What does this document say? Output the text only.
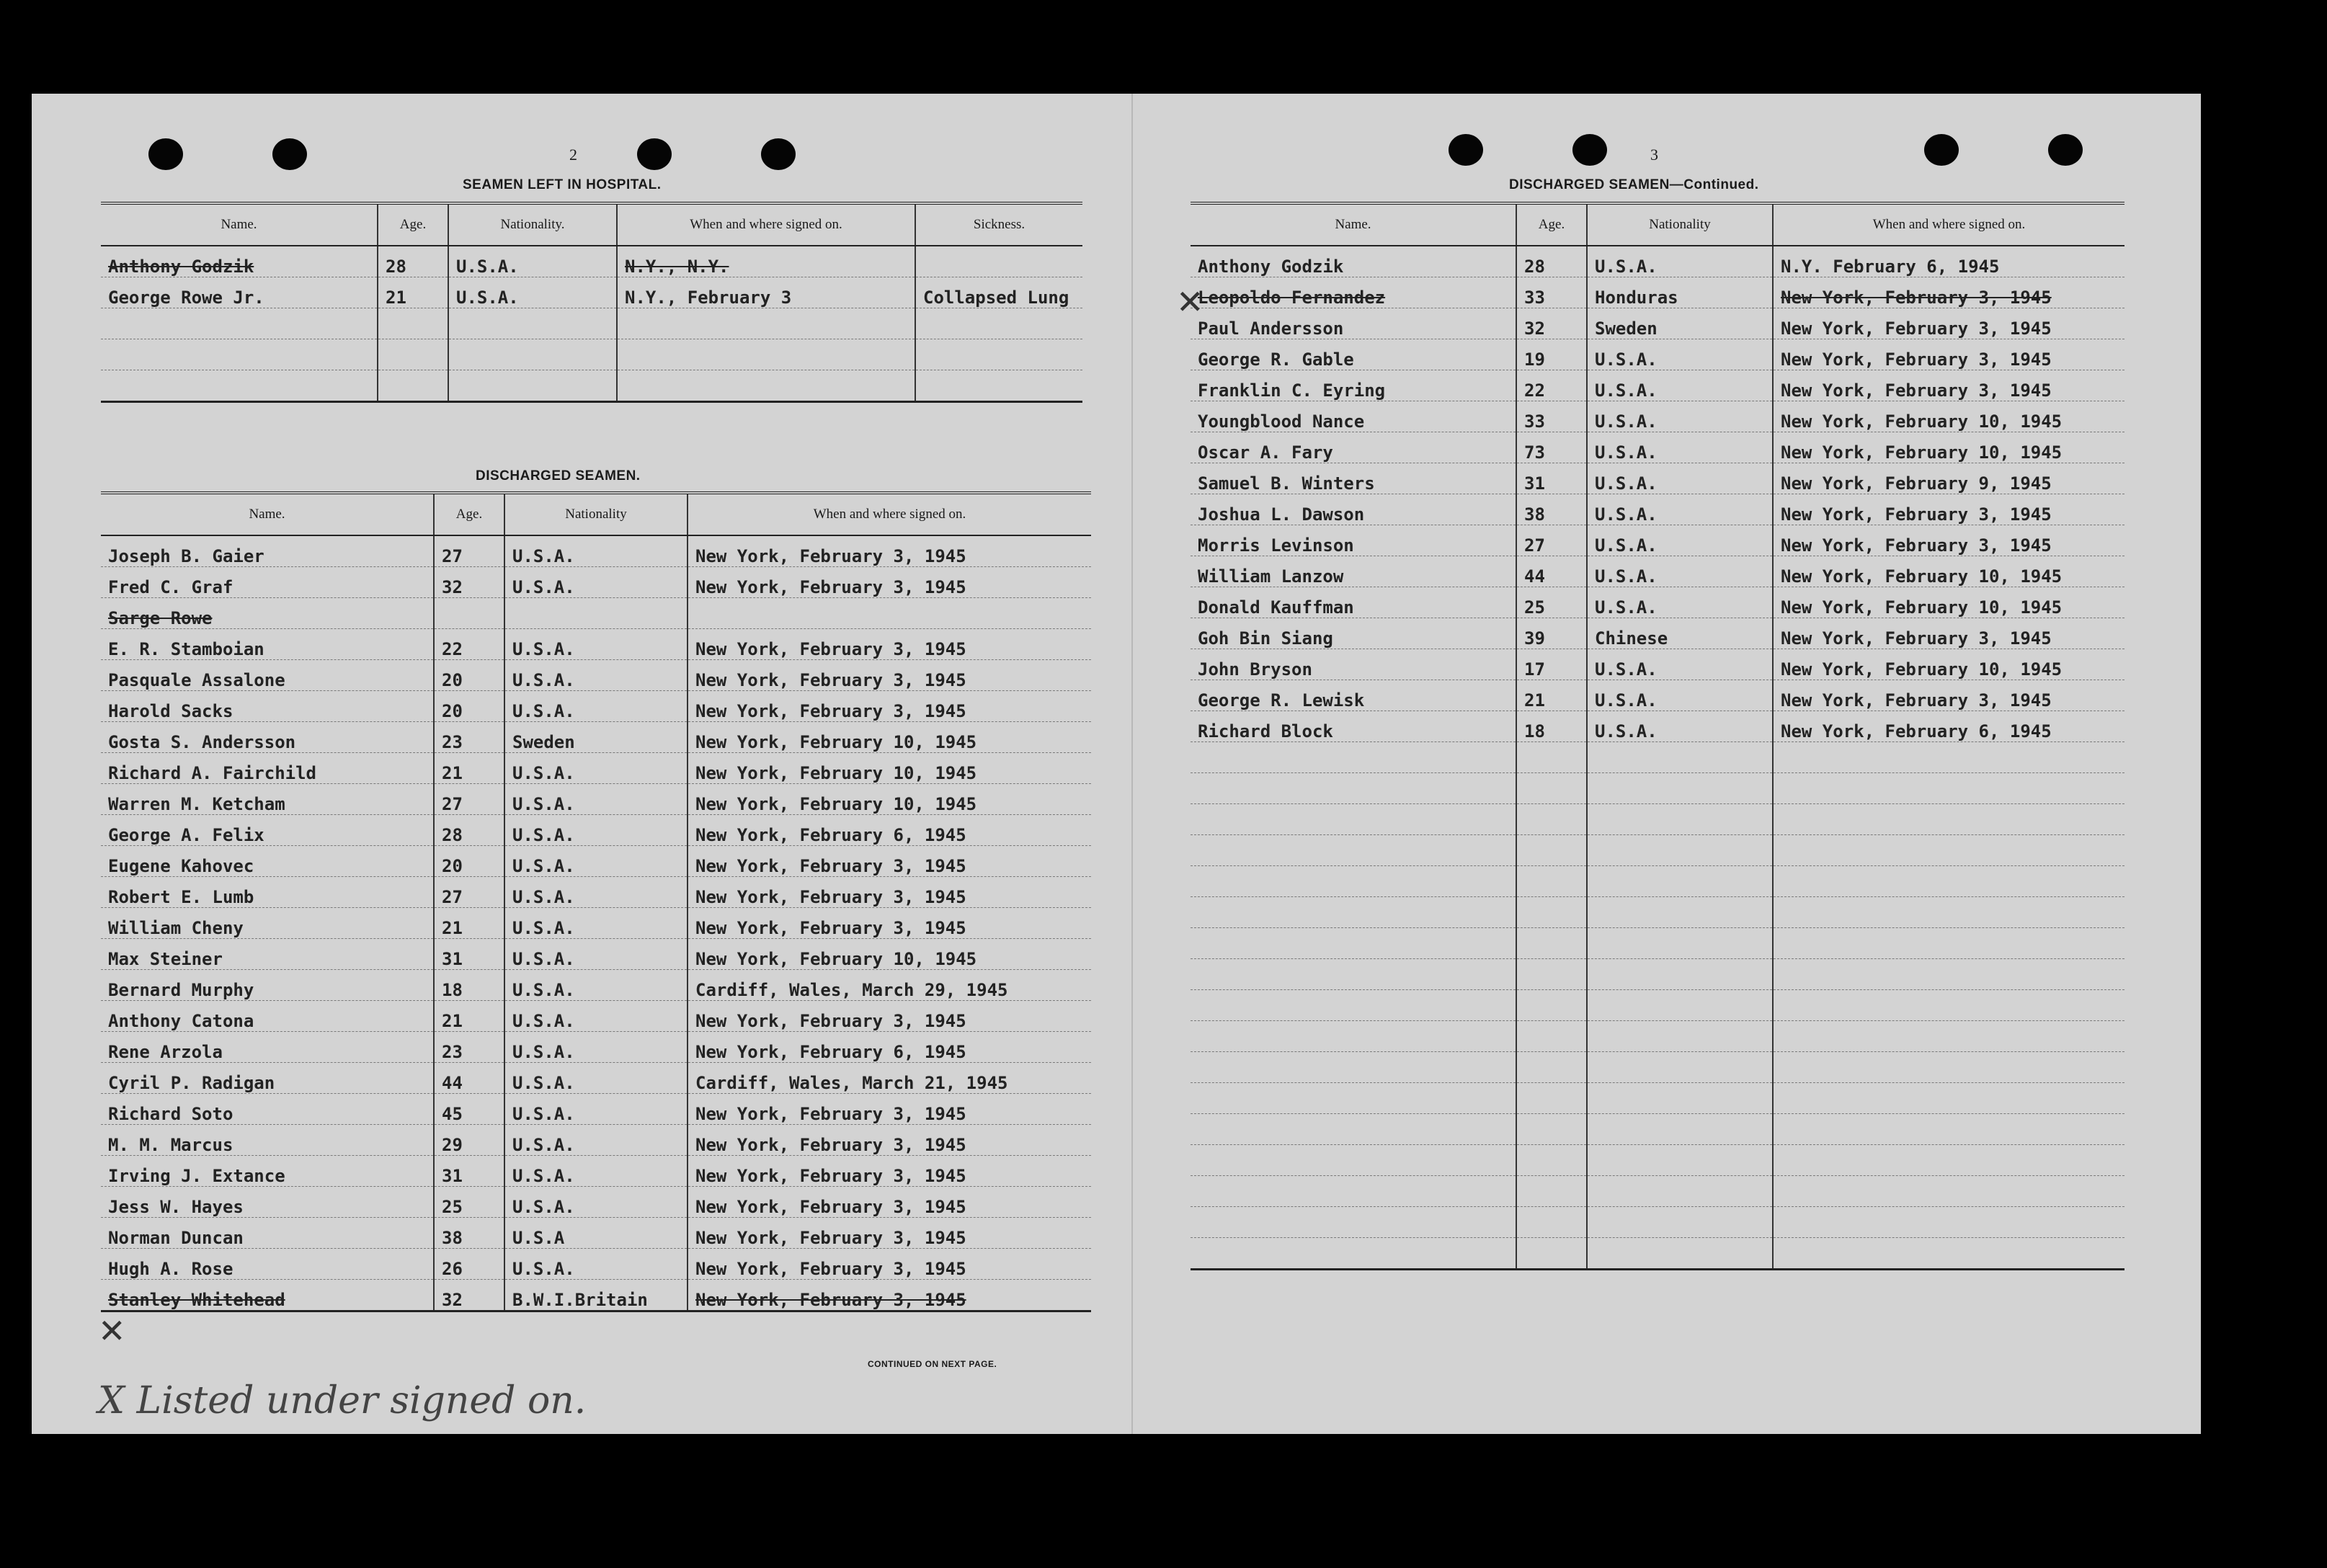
2
SEAMEN LEFT IN HOSPITAL.
Name.	Age.	Nationality.	When and where signed on.	Sickness.
Anthony Godzik	28	U.S.A.	N.Y., N.Y.	
George Rowe Jr.	21	U.S.A.	N.Y., February 3	Collapsed Lung

DISCHARGED SEAMEN.
Name.	Age.	Nationality	When and where signed on.
Joseph B. Gaier	27	U.S.A.	New York, February 3, 1945
Fred C. Graf	32	U.S.A.	New York, February 3, 1945
Sarge Rowe			
E. R. Stamboian	22	U.S.A.	New York, February 3, 1945
Pasquale Assalone	20	U.S.A.	New York, February 3, 1945
Harold Sacks	20	U.S.A.	New York, February 3, 1945
Gosta S. Andersson	23	Sweden	New York, February 10, 1945
Richard A. Fairchild	21	U.S.A.	New York, February 10, 1945
Warren M. Ketcham	27	U.S.A.	New York, February 10, 1945
George A. Felix	28	U.S.A.	New York, February 6, 1945
Eugene Kahovec	20	U.S.A.	New York, February 3, 1945
Robert E. Lumb	27	U.S.A.	New York, February 3, 1945
William Cheny	21	U.S.A.	New York, February 3, 1945
Max Steiner	31	U.S.A.	New York, February 10, 1945
Bernard Murphy	18	U.S.A.	Cardiff, Wales, March 29, 1945
Anthony Catona	21	U.S.A.	New York, February 3, 1945
Rene Arzola	23	U.S.A.	New York, February 6, 1945
Cyril P. Radigan	44	U.S.A.	Cardiff, Wales, March 21, 1945
Richard Soto	45	U.S.A.	New York, February 3, 1945
M. M. Marcus	29	U.S.A.	New York, February 3, 1945
Irving J. Extance	31	U.S.A.	New York, February 3, 1945
Jess W. Hayes	25	U.S.A.	New York, February 3, 1945
Norman Duncan	38	U.S.A	New York, February 3, 1945
Hugh A. Rose	26	U.S.A.	New York, February 3, 1945
Stanley Whitehead	32	B.W.I.Britain	New York, February 3, 1945
CONTINUED ON NEXT PAGE.
✕
3
DISCHARGED SEAMEN—Continued.
Name.	Age.	Nationality	When and where signed on.
Anthony Godzik	28	U.S.A.	N.Y. February 6, 1945
Leopoldo Fernandez	33	Honduras	New York, February 3, 1945
Paul Andersson	32	Sweden	New York, February 3, 1945
George R. Gable	19	U.S.A.	New York, February 3, 1945
Franklin C. Eyring	22	U.S.A.	New York, February 3, 1945
Youngblood Nance	33	U.S.A.	New York, February 10, 1945
Oscar A. Fary	73	U.S.A.	New York, February 10, 1945
Samuel B. Winters	31	U.S.A.	New York, February 9, 1945
Joshua L. Dawson	38	U.S.A.	New York, February 3, 1945
Morris Levinson	27	U.S.A.	New York, February 3, 1945
William Lanzow	44	U.S.A.	New York, February 10, 1945
Donald Kauffman	25	U.S.A.	New York, February 10, 1945
Goh Bin Siang	39	Chinese	New York, February 3, 1945
John Bryson	17	U.S.A.	New York, February 10, 1945
George R. Lewisk	21	U.S.A.	New York, February 3, 1945
Richard Block	18	U.S.A.	New York, February 6, 1945

✕
X Listed under signed on.
